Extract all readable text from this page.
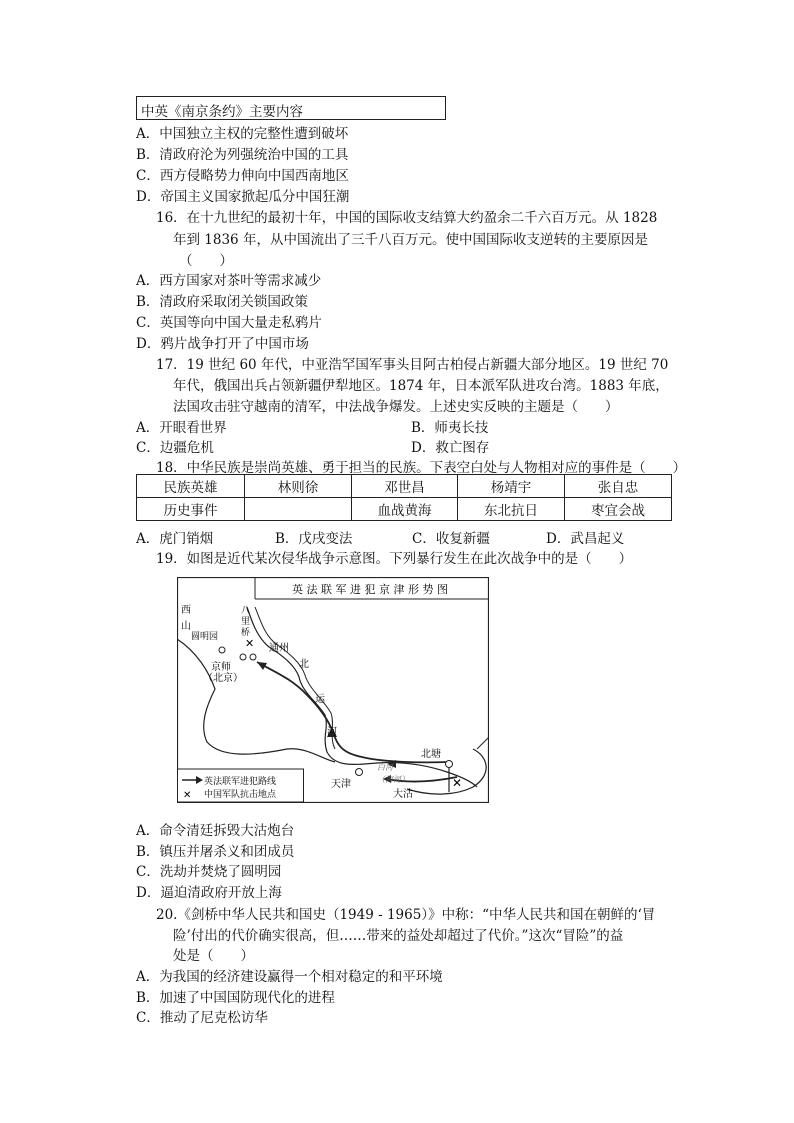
中英《南京条约》主要内容
A．中国独立主权的完整性遭到破坏
B．清政府沦为列强统治中国的工具
C．西方侵略势力伸向中国西南地区
D．帝国主义国家掀起瓜分中国狂潮
16．在十九世纪的最初十年，中国的国际收支结算大约盈余二千六百万元。从 1828
年到 1836 年，从中国流出了三千八百万元。使中国国际收支逆转的主要原因是
（　　）
A．西方国家对茶叶等需求减少
B．清政府采取闭关锁国政策
C．英国等向中国大量走私鸦片
D．鸦片战争打开了中国市场
17．19 世纪 60 年代，中亚浩罕国军事头目阿古柏侵占新疆大部分地区。19 世纪 70
年代，俄国出兵占领新疆伊犁地区。1874 年，日本派军队进攻台湾。1883 年底，
法国攻击驻守越南的清军，中法战争爆发。上述史实反映的主题是（　　）
A．开眼看世界	B．师夷长技
C．边疆危机	D．救亡图存
18．中华民族是崇尚英雄、勇于担当的民族。下表空白处与人物相对应的事件是（　　）
民族英雄	林则徐	邓世昌	杨靖宇	张自忠
历史事件		血战黄海	东北抗日	枣宜会战
A．虎门销烟	B．戊戌变法	C．收复新疆	D．武昌起义
19．如图是近代某次侵华战争示意图。下列暴行发生在此次战争中的是（　　）
英 法 联 军 进 犯 京 津 形 势 图
✕
✕
西
山
圆明园
八
里
桥
通州
京师
（北京）
北
运
河
天津
白河
（海河）
北塘
大沽
英法联军进犯路线
✕ 中国军队抗击地点
A．命令清廷拆毁大沽炮台
B．镇压并屠杀义和团成员
C．洗劫并焚烧了圆明园
D．逼迫清政府开放上海
20.《剑桥中华人民共和国史（1949 - 1965）》中称：“中华人民共和国在朝鲜的‘冒
险’付出的代价确实很高，但……带来的益处却超过了代价。”这次“冒险”的益
处是（　　）
A．为我国的经济建设赢得一个相对稳定的和平环境
B．加速了中国国防现代化的进程
C．推动了尼克松访华
